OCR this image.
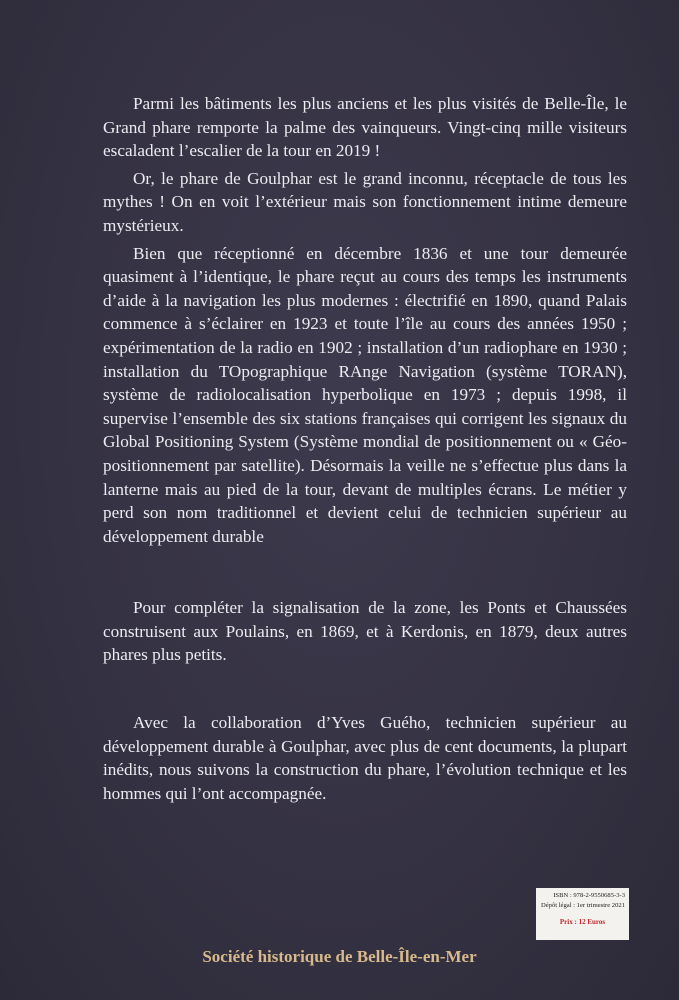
Parmi les bâtiments les plus anciens et les plus visités de Belle-Île, le Grand phare remporte la palme des vainqueurs. Vingt-cinq mille visiteurs escaladent l’escalier de la tour en 2019 !

Or, le phare de Goulphar est le grand inconnu, réceptacle de tous les mythes ! On en voit l’extérieur mais son fonctionnement intime demeure mystérieux.

Bien que réceptionné en décembre 1836 et une tour demeurée quasiment à l’identique, le phare reçut au cours des temps les instruments d’aide à la navigation les plus modernes : électrifié en 1890, quand Palais commence à s’éclairer en 1923 et toute l’île au cours des années 1950 ; expérimentation de la radio en 1902 ; installation d’un radiophare en 1930 ; installation du TOpographique RAnge Navigation (système TORAN), système de radiolocalisation hyperbolique en 1973 ; depuis 1998, il supervise l’ensemble des six stations françaises qui corrigent les signaux du Global Positioning System (Système mondial de positionnement ou « Géo-positionnement par satellite). Désormais la veille ne s’effectue plus dans la lanterne mais au pied de la tour, devant de multiples écrans. Le métier y perd son nom traditionnel et devient celui de technicien supérieur au développement durable

Pour compléter la signalisation de la zone, les Ponts et Chaussées construisent aux Poulains, en 1869, et à Kerdonis, en 1879, deux autres phares plus petits.

Avec la collaboration d’Yves Guého, technicien supérieur au développement durable à Goulphar, avec plus de cent documents, la plupart inédits, nous suivons la construction du phare, l’évolution technique et les hommes qui l’ont accompagnée.

ISBN : 978-2-9550685-3-3
Dépôt légal : 1er trimestre 2021
Prix : 12 Euros
Société historique de Belle-Île-en-Mer
